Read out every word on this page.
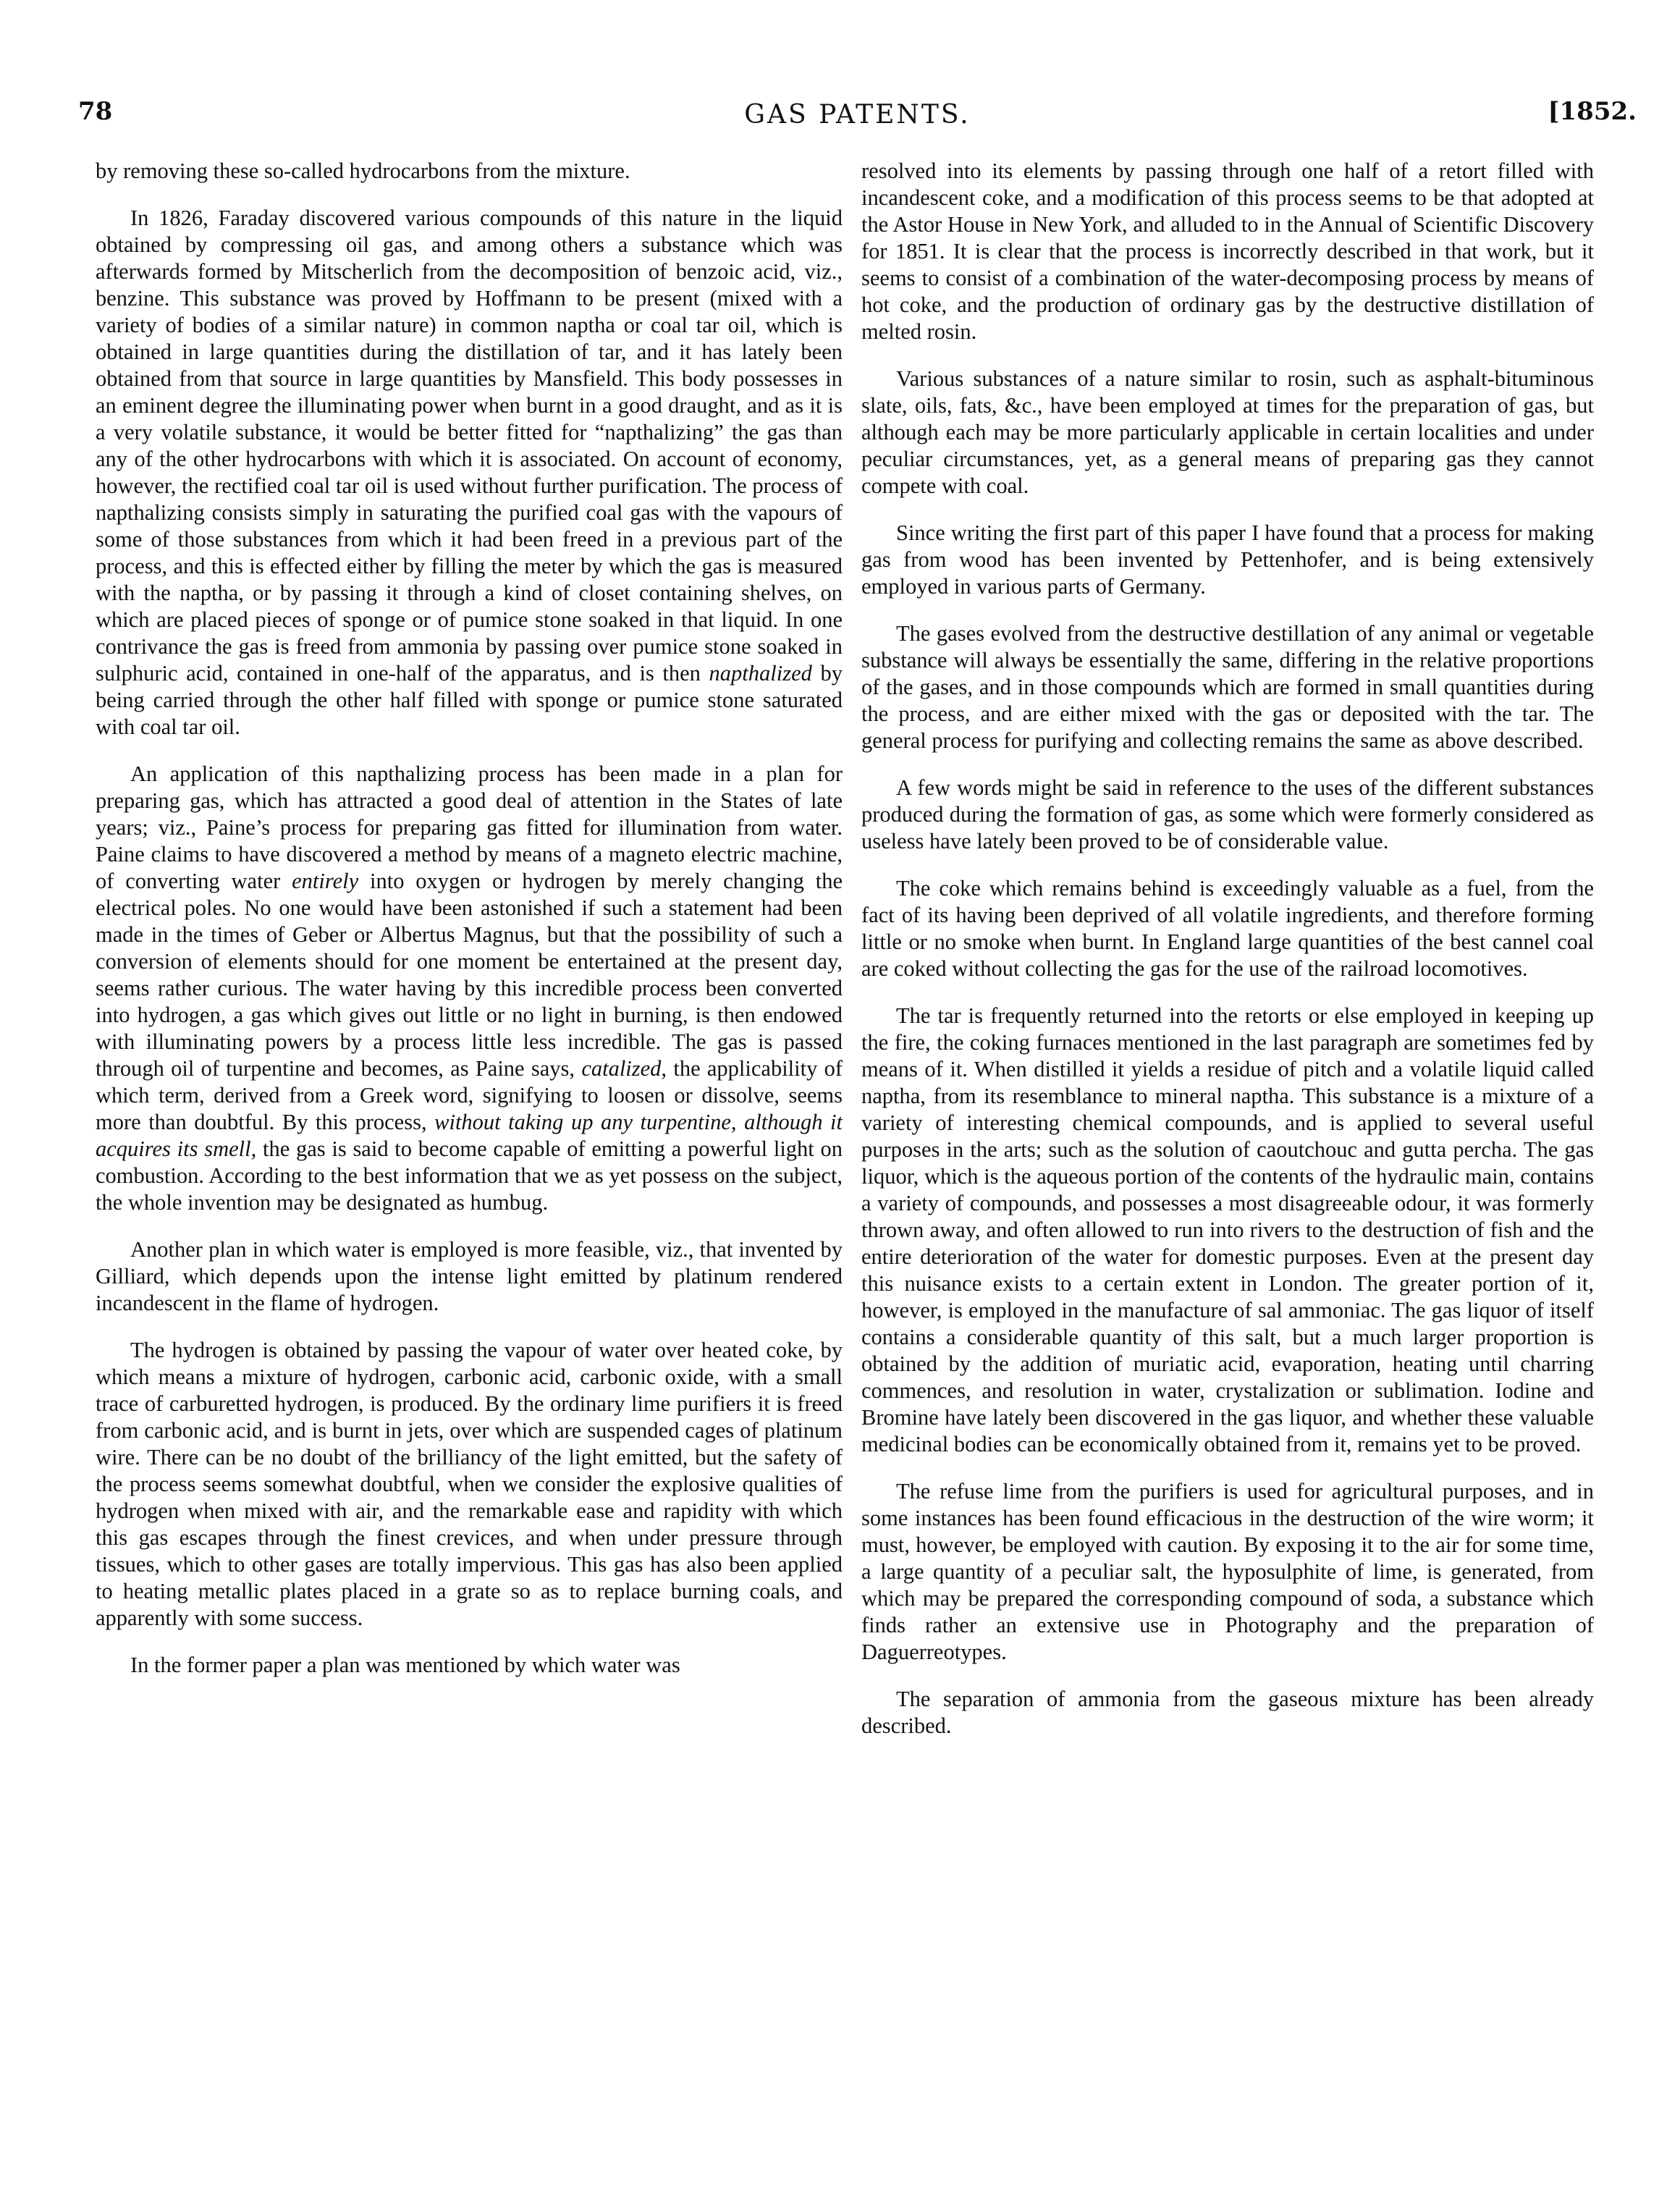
78	GAS PATENTS.	[1852.

by removing these so-called hydrocarbons from the mixture.

In 1826, Faraday discovered various compounds of this nature in the liquid obtained by compressing oil gas, and among others a substance which was afterwards formed by Mitscherlich from the decomposition of benzoic acid, viz., benzine. This substance was proved by Hoffmann to be present (mixed with a variety of bodies of a similar nature) in common naptha or coal tar oil, which is obtained in large quantities during the distillation of tar, and it has lately been obtained from that source in large quantities by Mansfield. This body possesses in an eminent degree the illuminating power when burnt in a good draught, and as it is a very volatile substance, it would be better fitted for “napthalizing” the gas than any of the other hydrocarbons with which it is associated. On account of economy, however, the rectified coal tar oil is used without further purification. The process of napthalizing consists simply in saturating the purified coal gas with the vapours of some of those substances from which it had been freed in a previous part of the process, and this is effected either by filling the meter by which the gas is measured with the naptha, or by passing it through a kind of closet containing shelves, on which are placed pieces of sponge or of pumice stone soaked in that liquid. In one contrivance the gas is freed from ammonia by passing over pumice stone soaked in sulphuric acid, contained in one-half of the apparatus, and is then napthalized by being carried through the other half filled with sponge or pumice stone saturated with coal tar oil.

An application of this napthalizing process has been made in a plan for preparing gas, which has attracted a good deal of attention in the States of late years; viz., Paine’s process for preparing gas fitted for illumination from water. Paine claims to have discovered a method by means of a magneto electric machine, of converting water entirely into oxygen or hydrogen by merely changing the electrical poles. No one would have been astonished if such a statement had been made in the times of Geber or Albertus Magnus, but that the possibility of such a conversion of elements should for one moment be entertained at the present day, seems rather curious. The water having by this incredible process been converted into hydrogen, a gas which gives out little or no light in burning, is then endowed with illuminating powers by a process little less incredible. The gas is passed through oil of turpentine and becomes, as Paine says, catalized, the applicability of which term, derived from a Greek word, signifying to loosen or dissolve, seems more than doubtful. By this process, without taking up any turpentine, although it acquires its smell, the gas is said to become capable of emitting a powerful light on combustion. According to the best information that we as yet possess on the subject, the whole invention may be designated as humbug.

Another plan in which water is employed is more feasible, viz., that invented by Gilliard, which depends upon the intense light emitted by platinum rendered incandescent in the flame of hydrogen.

The hydrogen is obtained by passing the vapour of water over heated coke, by which means a mixture of hydrogen, carbonic acid, carbonic oxide, with a small trace of carburetted hydrogen, is produced. By the ordinary lime purifiers it is freed from carbonic acid, and is burnt in jets, over which are suspended cages of platinum wire. There can be no doubt of the brilliancy of the light emitted, but the safety of the process seems somewhat doubtful, when we consider the explosive qualities of hydrogen when mixed with air, and the remarkable ease and rapidity with which this gas escapes through the finest crevices, and when under pressure through tissues, which to other gases are totally impervious. This gas has also been applied to heating metallic plates placed in a grate so as to replace burning coals, and apparently with some success.

In the former paper a plan was mentioned by which water was

resolved into its elements by passing through one half of a retort filled with incandescent coke, and a modification of this process seems to be that adopted at the Astor House in New York, and alluded to in the Annual of Scientific Discovery for 1851. It is clear that the process is incorrectly described in that work, but it seems to consist of a combination of the water-decomposing process by means of hot coke, and the production of ordinary gas by the destructive distillation of melted rosin.

Various substances of a nature similar to rosin, such as asphalt-bituminous slate, oils, fats, &c., have been employed at times for the preparation of gas, but although each may be more particularly applicable in certain localities and under peculiar circumstances, yet, as a general means of preparing gas they cannot compete with coal.

Since writing the first part of this paper I have found that a process for making gas from wood has been invented by Pettenhofer, and is being extensively employed in various parts of Germany.

The gases evolved from the destructive destillation of any animal or vegetable substance will always be essentially the same, differing in the relative proportions of the gases, and in those compounds which are formed in small quantities during the process, and are either mixed with the gas or deposited with the tar. The general process for purifying and collecting remains the same as above described.

A few words might be said in reference to the uses of the different substances produced during the formation of gas, as some which were formerly considered as useless have lately been proved to be of considerable value.

The coke which remains behind is exceedingly valuable as a fuel, from the fact of its having been deprived of all volatile ingredients, and therefore forming little or no smoke when burnt. In England large quantities of the best cannel coal are coked without collecting the gas for the use of the railroad locomotives.

The tar is frequently returned into the retorts or else employed in keeping up the fire, the coking furnaces mentioned in the last paragraph are sometimes fed by means of it. When distilled it yields a residue of pitch and a volatile liquid called naptha, from its resemblance to mineral naptha. This substance is a mixture of a variety of interesting chemical compounds, and is applied to several useful purposes in the arts; such as the solution of caoutchouc and gutta percha. The gas liquor, which is the aqueous portion of the contents of the hydraulic main, contains a variety of compounds, and possesses a most disagreeable odour, it was formerly thrown away, and often allowed to run into rivers to the destruction of fish and the entire deterioration of the water for domestic purposes. Even at the present day this nuisance exists to a certain extent in London. The greater portion of it, however, is employed in the manufacture of sal ammoniac. The gas liquor of itself contains a considerable quantity of this salt, but a much larger proportion is obtained by the addition of muriatic acid, evaporation, heating until charring commences, and resolution in water, crystalization or sublimation. Iodine and Bromine have lately been discovered in the gas liquor, and whether these valuable medicinal bodies can be economically obtained from it, remains yet to be proved.

The refuse lime from the purifiers is used for agricultural purposes, and in some instances has been found efficacious in the destruction of the wire worm; it must, however, be employed with caution. By exposing it to the air for some time, a large quantity of a peculiar salt, the hyposulphite of lime, is generated, from which may be prepared the corresponding compound of soda, a substance which finds rather an extensive use in Photography and the preparation of Daguerreotypes.

The separation of ammonia from the gaseous mixture has been already described.
